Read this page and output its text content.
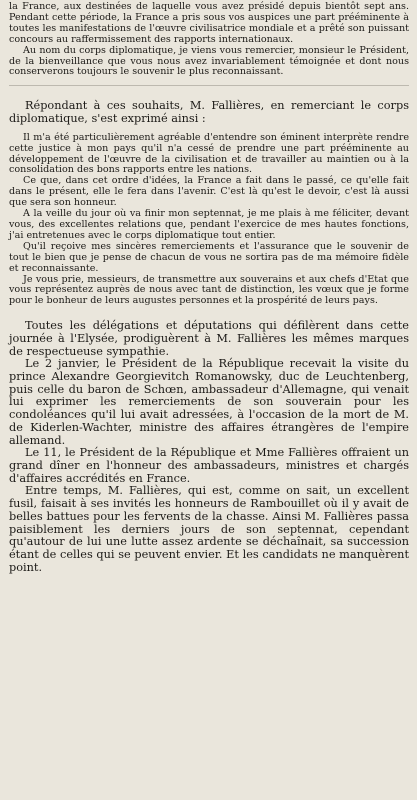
la France, aux destinées de laquelle vous avez présidé depuis bientôt sept ans. Pendant cette période, la France a pris sous vos auspices une part prééminente à toutes les manifestations de l'œuvre civilisatrice mondiale et a prêté son puissant concours au raffermissement des rapports internationaux.

Au nom du corps diplomatique, je viens vous remercier, monsieur le Président, de la bienveillance que vous nous avez invariablement témoignée et dont nous conserverons toujours le souvenir le plus reconnaissant.

Répondant à ces souhaits, M. Fallières, en remerciant le corps diplomatique, s'est exprimé ainsi :

Il m'a été particulièrement agréable d'entendre son éminent interprète rendre cette justice à mon pays qu'il n'a cessé de prendre une part prééminente au développement de l'œuvre de la civilisation et de travailler au maintien ou à la consolidation des bons rapports entre les nations.

Ce que, dans cet ordre d'idées, la France a fait dans le passé, ce qu'elle fait dans le présent, elle le fera dans l'avenir. C'est là qu'est le devoir, c'est là aussi que sera son honneur.

A la veille du jour où va finir mon septennat, je me plais à me féliciter, devant vous, des excellentes relations que, pendant l'exercice de mes hautes fonctions, j'ai entretenues avec le corps diplomatique tout entier.

Qu'il reçoive mes sincères remerciements et l'assurance que le souvenir de tout le bien que je pense de chacun de vous ne sortira pas de ma mémoire fidèle et reconnaissante.

Je vous prie, messieurs, de transmettre aux souverains et aux chefs d'Etat que vous représentez auprès de nous avec tant de distinction, les vœux que je forme pour le bonheur de leurs augustes personnes et la prospérité de leurs pays.

Toutes les délégations et députations qui défilèrent dans cette journée à l'Elysée, prodiguèrent à M. Fallières les mêmes marques de respectueuse sympathie.

Le 2 janvier, le Président de la République recevait la visite du prince Alexandre Georgievitch Romanowsky, duc de Leuchtenberg, puis celle du baron de Schœn, ambassadeur d'Allemagne, qui venait lui exprimer les remerciements de son souverain pour les condoléances qu'il lui avait adressées, à l'occasion de la mort de M. de Kiderlen-Wachter, ministre des affaires étrangères de l'empire allemand.

Le 11, le Président de la République et Mme Fallières offraient un grand dîner en l'honneur des ambassadeurs, ministres et chargés d'affaires accrédités en France.

Entre temps, M. Fallières, qui est, comme on sait, un excellent fusil, faisait à ses invités les honneurs de Rambouillet où il y avait de belles battues pour les fervents de la chasse. Ainsi M. Fallières passa paisiblement les derniers jours de son septennat, cependant qu'autour de lui une lutte assez ardente se déchaînait, sa succession étant de celles qui se peuvent envier. Et les candidats ne manquèrent point.
